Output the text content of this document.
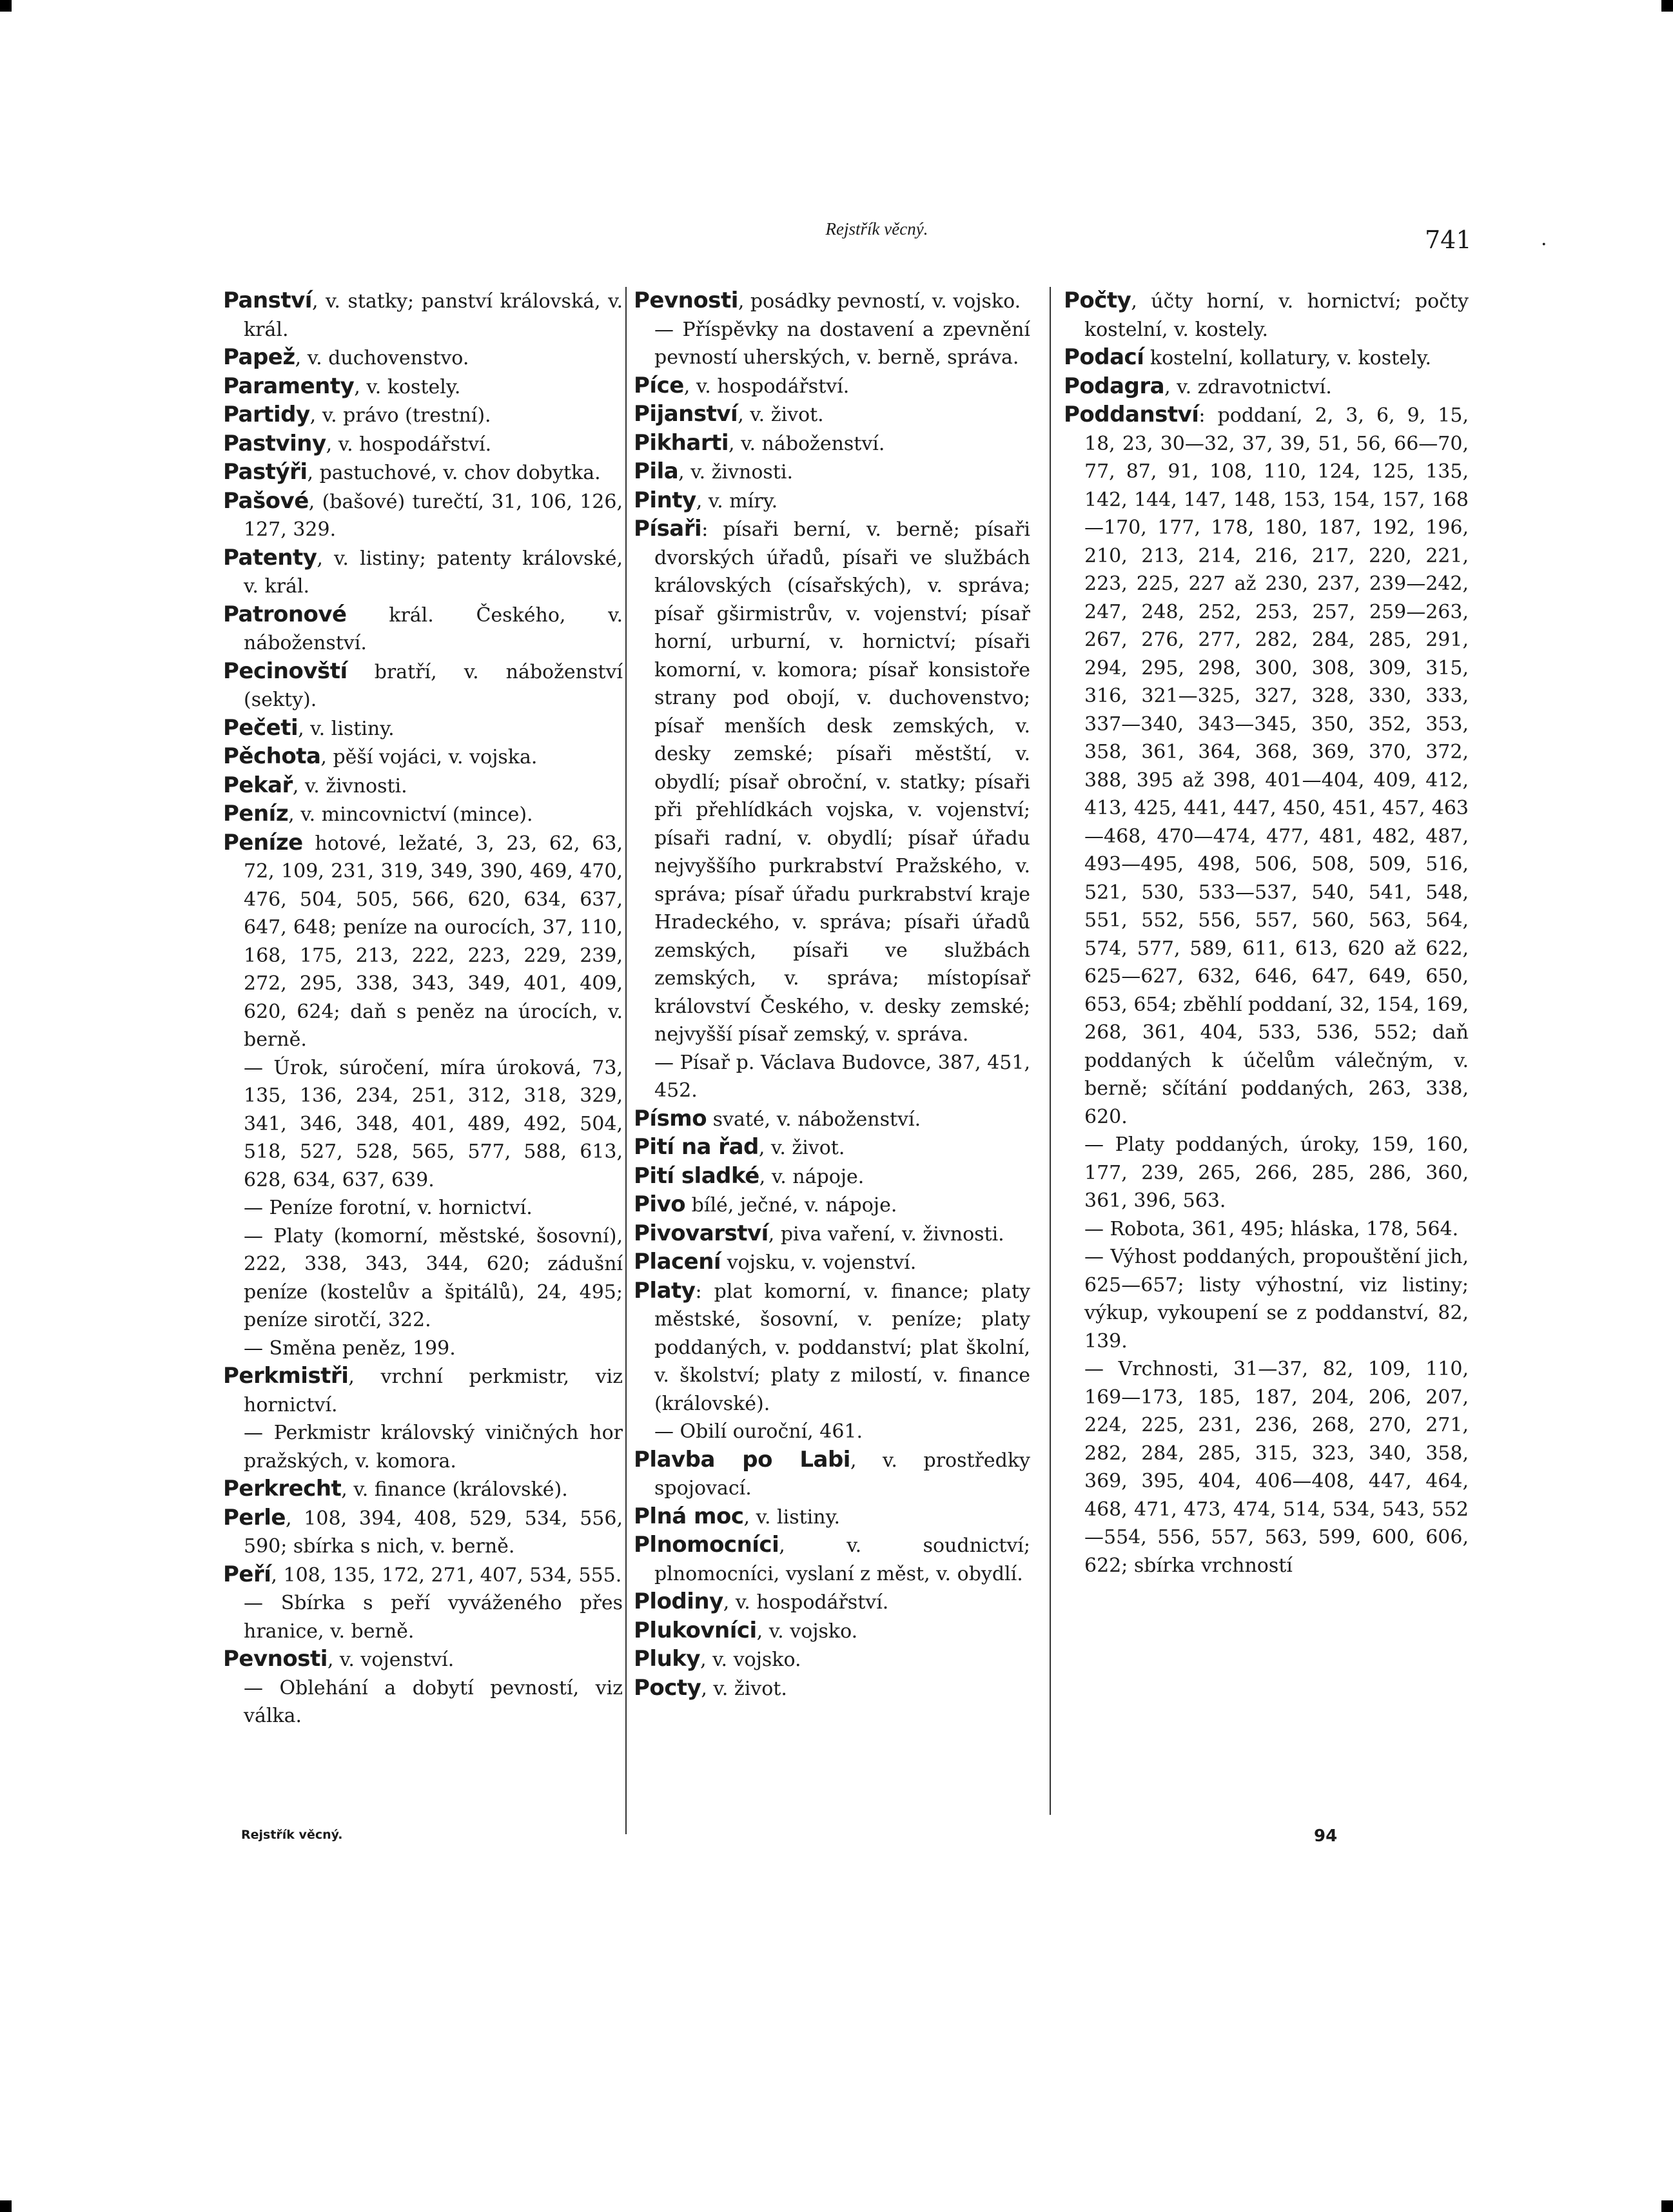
Rejstřík věcný.	741	·

Panství, v. statky; panství královská, v. král.

Papež, v. duchovenstvo.

Paramenty, v. kostely.

Partidy, v. právo (trestní).

Pastviny, v. hospodářství.

Pastýři, pastuchové, v. chov dobytka.

Pašové, (bašové) turečtí, 31, 106, 126, 127, 329.

Patenty, v. listiny; patenty královské, v. král.

Patronové král. Českého, v. náboženství.

Pecinovští bratří, v. náboženství (sekty).

Pečeti, v. listiny.

Pěchota, pěší vojáci, v. vojska.

Pekař, v. živnosti.

Peníz, v. mincovnictví (mince).

Peníze hotové, ležaté, 3, 23, 62, 63, 72, 109, 231, 319, 349, 390, 469, 470, 476, 504, 505, 566, 620, 634, 637, 647, 648; peníze na ourocích, 37, 110, 168, 175, 213, 222, 223, 229, 239, 272, 295, 338, 343, 349, 401, 409, 620, 624; daň s peněz na úrocích, v. berně.

— Úrok, súročení, míra úroková, 73, 135, 136, 234, 251, 312, 318, 329, 341, 346, 348, 401, 489, 492, 504, 518, 527, 528, 565, 577, 588, 613, 628, 634, 637, 639.

— Peníze forotní, v. hornictví.

— Platy (komorní, městské, šosovní), 222, 338, 343, 344, 620; zádušní peníze (kostelův a špitálů), 24, 495; peníze sirotčí, 322.

— Směna peněz, 199.

Perkmistři, vrchní perkmistr, viz hornictví.

— Perkmistr královský viničných hor pražských, v. komora.

Perkrecht, v. finance (královské).

Perle, 108, 394, 408, 529, 534, 556, 590; sbírka s nich, v. berně.

Peří, 108, 135, 172, 271, 407, 534, 555.

— Sbírka s peří vyváženého přes hranice, v. berně.

Pevnosti, v. vojenství.

— Oblehání a dobytí pevností, viz válka.

Pevnosti, posádky pevností, v. vojsko.

— Příspěvky na dostavení a zpevnění pevností uherských, v. berně, správa.

Píce, v. hospodářství.

Pijanství, v. život.

Pikharti, v. náboženství.

Pila, v. živnosti.

Pinty, v. míry.

Písaři: písaři berní, v. berně; písaři dvorských úřadů, písaři ve službách královských (císařských), v. správa; písař gširmistrův, v. vojenství; písař horní, urburní, v. hornictví; písaři komorní, v. komora; písař konsistoře strany pod obojí, v. duchovenstvo; písař menších desk zemských, v. desky zemské; písaři městští, v. obydlí; písař obroční, v. statky; písaři při přehlídkách vojska, v. vojenství; písaři radní, v. obydlí; písař úřadu nejvyššího purkrabství Pražského, v. správa; písař úřadu purkrabství kraje Hradeckého, v. správa; písaři úřadů zemských, písaři ve službách zemských, v. správa; místopísař království Českého, v. desky zemské; nejvyšší písař zemský, v. správa.

— Písař p. Václava Budovce, 387, 451, 452.

Písmo svaté, v. náboženství.

Pití na řad, v. život.

Pití sladké, v. nápoje.

Pivo bílé, ječné, v. nápoje.

Pivovarství, piva vaření, v. živnosti.

Placení vojsku, v. vojenství.

Platy: plat komorní, v. finance; platy městské, šosovní, v. peníze; platy poddaných, v. poddanství; plat školní, v. školství; platy z milostí, v. finance (královské).

— Obilí ouroční, 461.

Plavba po Labi, v. prostředky spojovací.

Plná moc, v. listiny.

Plnomocníci, v. soudnictví; plnomocníci, vyslaní z měst, v. obydlí.

Plodiny, v. hospodářství.

Plukovníci, v. vojsko.

Pluky, v. vojsko.

Pocty, v. život.

Počty, účty horní, v. hornictví; počty kostelní, v. kostely.

Podací kostelní, kollatury, v. kostely.

Podagra, v. zdravotnictví.

Poddanství: poddaní, 2, 3, 6, 9, 15, 18, 23, 30—32, 37, 39, 51, 56, 66—70, 77, 87, 91, 108, 110, 124, 125, 135, 142, 144, 147, 148, 153, 154, 157, 168—170, 177, 178, 180, 187, 192, 196, 210, 213, 214, 216, 217, 220, 221, 223, 225, 227 až 230, 237, 239—242, 247, 248, 252, 253, 257, 259—263, 267, 276, 277, 282, 284, 285, 291, 294, 295, 298, 300, 308, 309, 315, 316, 321—325, 327, 328, 330, 333, 337—340, 343—345, 350, 352, 353, 358, 361, 364, 368, 369, 370, 372, 388, 395 až 398, 401—404, 409, 412, 413, 425, 441, 447, 450, 451, 457, 463—468, 470—474, 477, 481, 482, 487, 493—495, 498, 506, 508, 509, 516, 521, 530, 533—537, 540, 541, 548, 551, 552, 556, 557, 560, 563, 564, 574, 577, 589, 611, 613, 620 až 622, 625—627, 632, 646, 647, 649, 650, 653, 654; zběhlí poddaní, 32, 154, 169, 268, 361, 404, 533, 536, 552; daň poddaných k účelům válečným, v. berně; sčítání poddaných, 263, 338, 620.

— Platy poddaných, úroky, 159, 160, 177, 239, 265, 266, 285, 286, 360, 361, 396, 563.

— Robota, 361, 495; hláska, 178, 564.

— Výhost poddaných, propouštění jich, 625—657; listy výhostní, viz listiny; výkup, vykoupení se z poddanství, 82, 139.

— Vrchnosti, 31—37, 82, 109, 110, 169—173, 185, 187, 204, 206, 207, 224, 225, 231, 236, 268, 270, 271, 282, 284, 285, 315, 323, 340, 358, 369, 395, 404, 406—408, 447, 464, 468, 471, 473, 474, 514, 534, 543, 552—554, 556, 557, 563, 599, 600, 606, 622; sbírka vrchností

Rejstřík věcný.	94
